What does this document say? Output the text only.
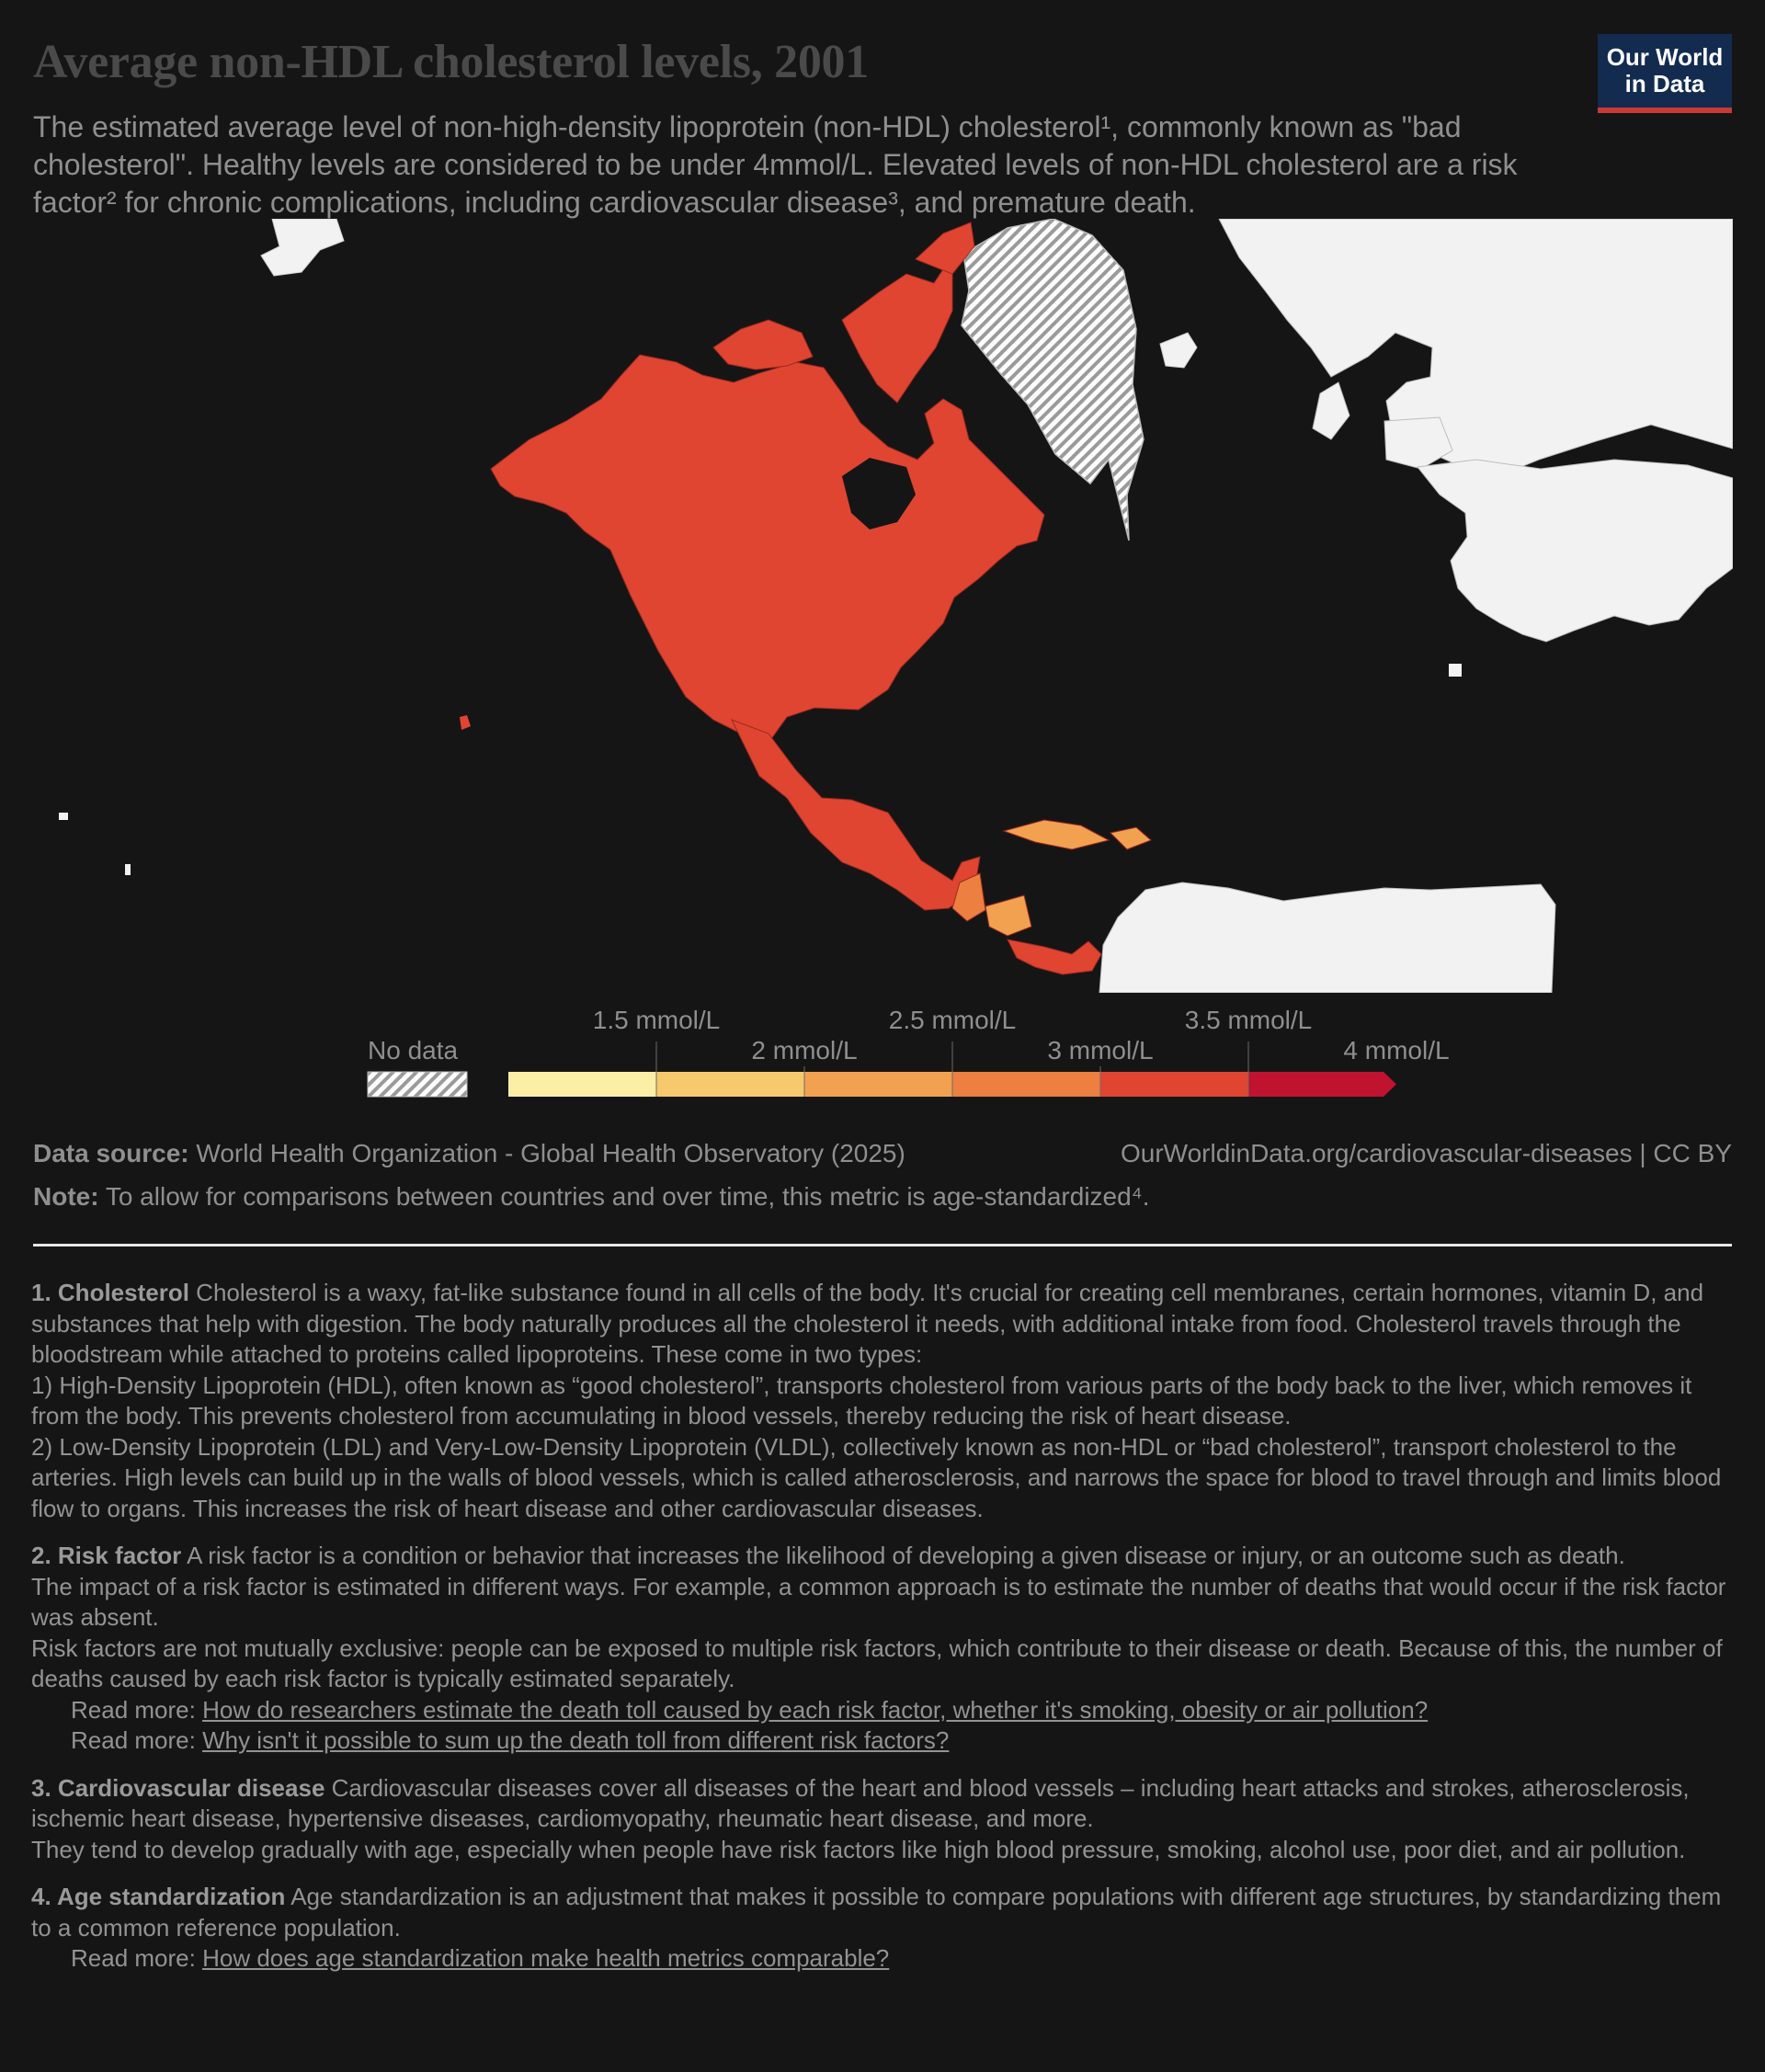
Average non-HDL cholesterol levels, 2001

The estimated average level of non-high-density lipoprotein (non-HDL) cholesterol¹, commonly known as "bad cholesterol". Healthy levels are considered to be under 4mmol/L. Elevated levels of non-HDL cholesterol are a risk factor² for chronic complications, including cardiovascular disease³, and premature death.

Our World
in Data
No data
1.5 mmol/L	2.5 mmol/L	3.5 mmol/L
2 mmol/L	3 mmol/L	4 mmol/L

Data source: World Health Organization - Global Health Observatory (2025)	OurWorldinData.org/cardiovascular-diseases | CC BY

Note: To allow for comparisons between countries and over time, this metric is age-standardized⁴.

1. Cholesterol Cholesterol is a waxy, fat-like substance found in all cells of the body. It's crucial for creating cell membranes, certain hormones, vitamin D, and substances that help with digestion. The body naturally produces all the cholesterol it needs, with additional intake from food. Cholesterol travels through the bloodstream while attached to proteins called lipoproteins. These come in two types:

1) High-Density Lipoprotein (HDL), often known as “good cholesterol”, transports cholesterol from various parts of the body back to the liver, which removes it from the body. This prevents cholesterol from accumulating in blood vessels, thereby reducing the risk of heart disease.

2) Low-Density Lipoprotein (LDL) and Very-Low-Density Lipoprotein (VLDL), collectively known as non-HDL or “bad cholesterol”, transport cholesterol to the arteries. High levels can build up in the walls of blood vessels, which is called atherosclerosis, and narrows the space for blood to travel through and limits blood flow to organs. This increases the risk of heart disease and other cardiovascular diseases.

2. Risk factor A risk factor is a condition or behavior that increases the likelihood of developing a given disease or injury, or an outcome such as death.

The impact of a risk factor is estimated in different ways. For example, a common approach is to estimate the number of deaths that would occur if the risk factor was absent.

Risk factors are not mutually exclusive: people can be exposed to multiple risk factors, which contribute to their disease or death. Because of this, the number of deaths caused by each risk factor is typically estimated separately.

Read more: How do researchers estimate the death toll caused by each risk factor, whether it's smoking, obesity or air pollution?

Read more: Why isn't it possible to sum up the death toll from different risk factors?

3. Cardiovascular disease Cardiovascular diseases cover all diseases of the heart and blood vessels – including heart attacks and strokes, atherosclerosis, ischemic heart disease, hypertensive diseases, cardiomyopathy, rheumatic heart disease, and more.

They tend to develop gradually with age, especially when people have risk factors like high blood pressure, smoking, alcohol use, poor diet, and air pollution.

4. Age standardization Age standardization is an adjustment that makes it possible to compare populations with different age structures, by standardizing them to a common reference population.

Read more: How does age standardization make health metrics comparable?
